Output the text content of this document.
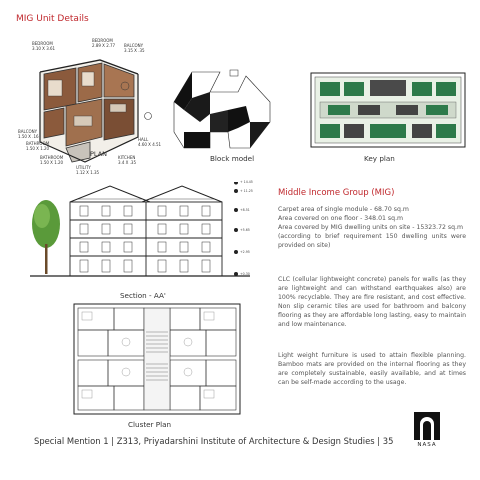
MIG Unit Details
BEDROOM
3.10 X 3.61
BEDROOM
2.89 X 2.77 BALCONY
3.15 X .35
BALCONY
1.50 X .16
BATHROOM
1.50 X 1.20
BATHROOM
1.50 X 1.20
HALL
4.60 X 4.51
KITCHEN
3.4 X .35
UTILITY
1.12 X 1.35
PLAN	Block model	Key plan
+ 14.45
+ 11.25
+8.51
+5.65
+2.95
+0.30
Section - AA'
Cluster Plan
Middle Income Group (MIG)
Carpet area of single module - 68.70 sq.m
Area covered on one floor - 348.01 sq.m
Area covered by MIG dwelling units on site - 15323.72 sq.m
(according to brief requirement 150 dwelling units were provided on site)
CLC (cellular lightweight concrete) panels for walls (as they are lightweight and can withstand earthquakes also) are 100% recyclable. They are fire resistant, and cost effective. Non slip ceramic tiles are used for bathroom and balcony flooring as they are affordable long lasting, easy to maintain and low maintenance.
Light weight furniture is used to attain flexible planning. Bamboo mats are provided on the internal flooring as they are completely sustainable, easily available, and at times can be self-made according to the usage.
Special Mention 1 | Z313, Priyadarshini Institute of Architecture & Design Studies | 35	NASA
